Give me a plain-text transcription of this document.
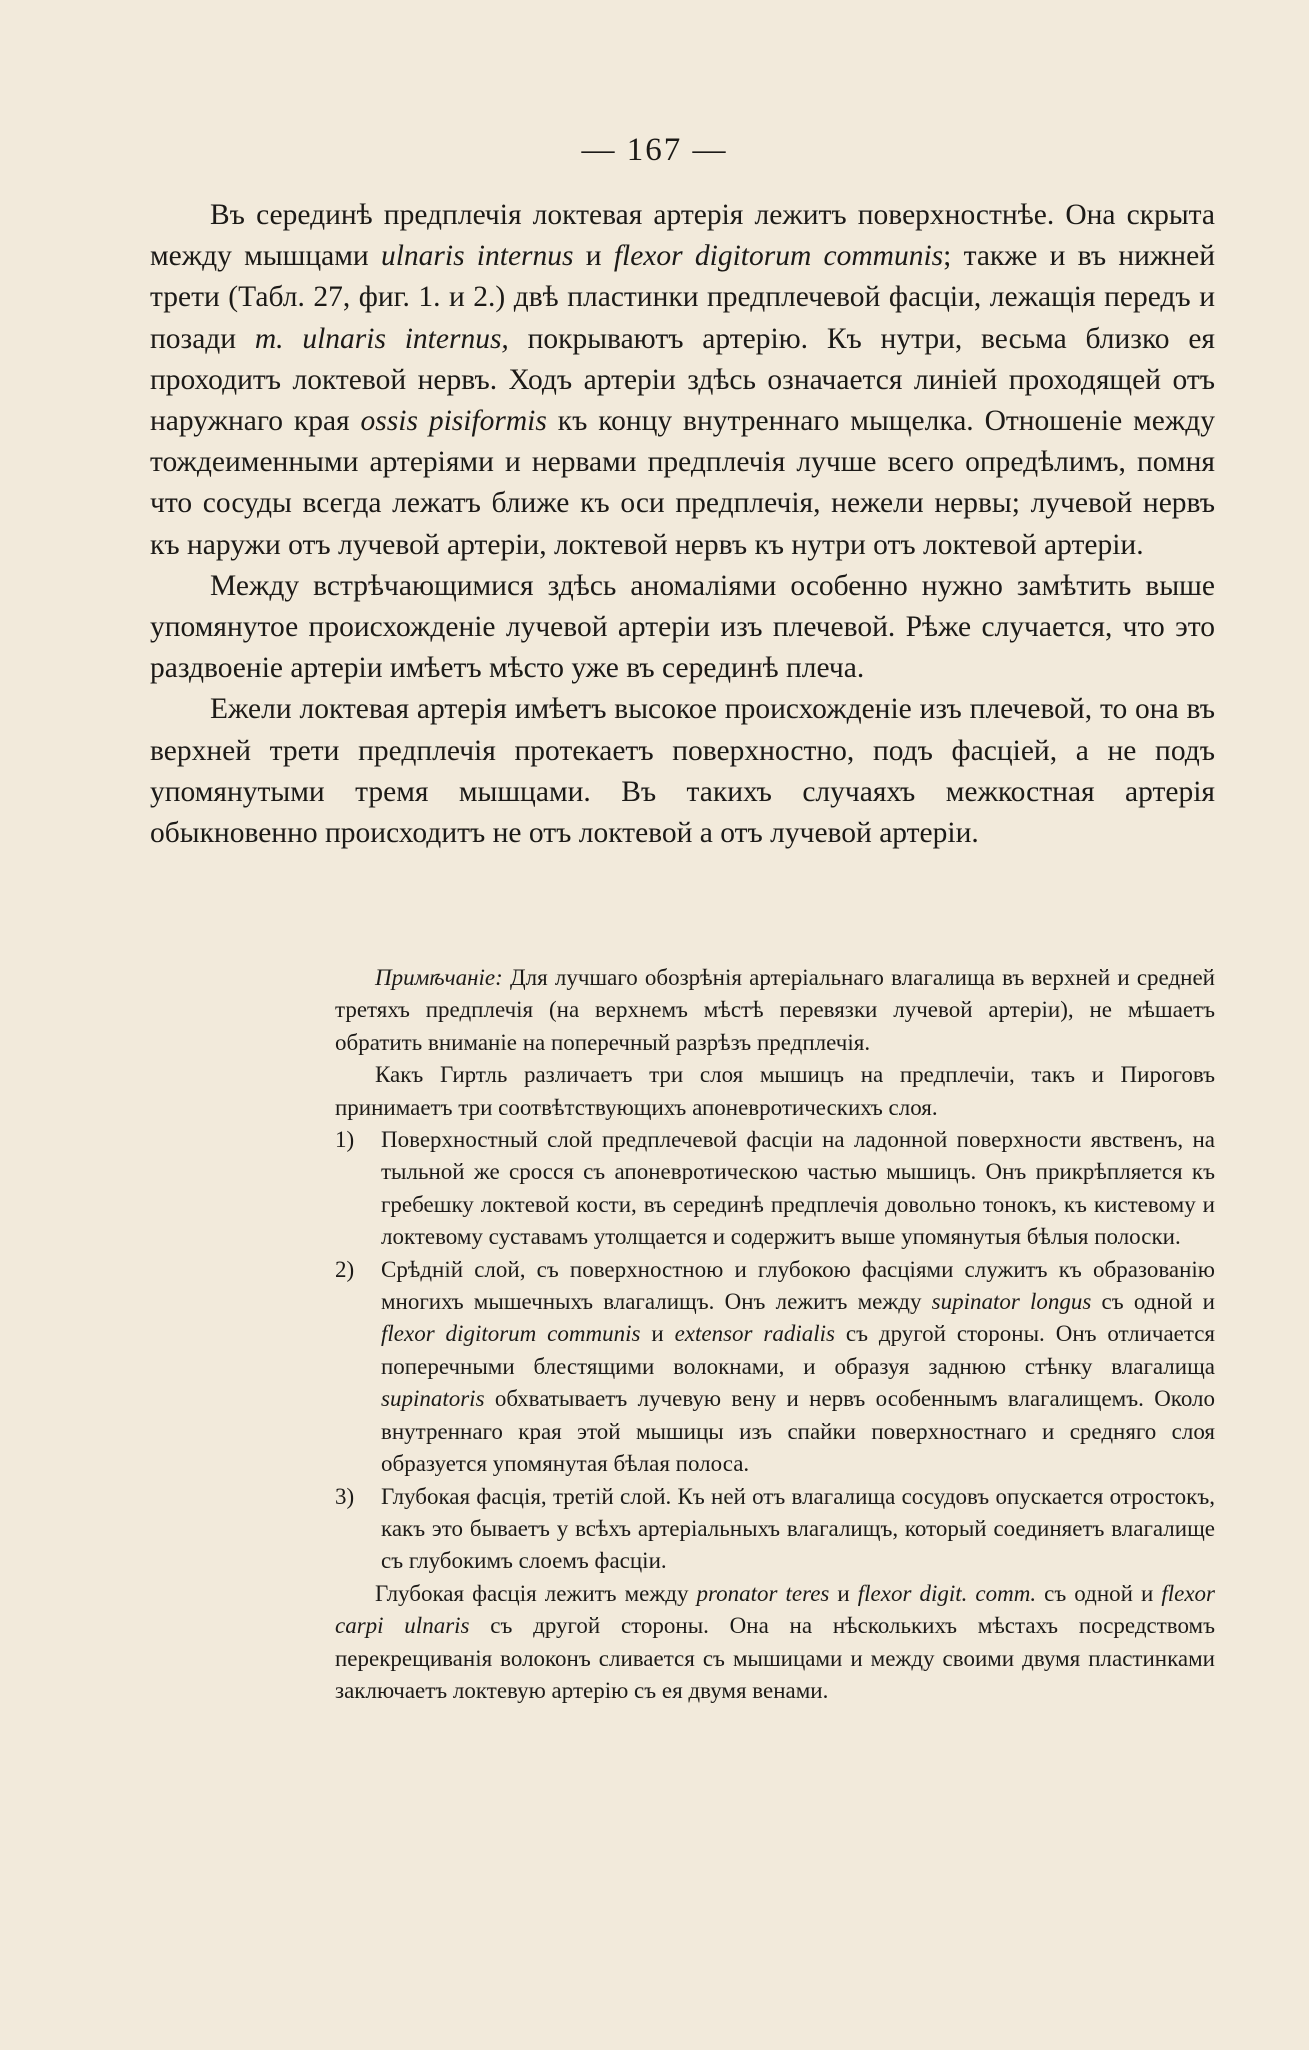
— 167 —

Въ серединѣ предплечія локтевая артерія лежитъ поверхностнѣе. Она скрыта между мышцами ulnaris internus и flexor digitorum communis; также и въ нижней трети (Табл. 27, фиг. 1. и 2.) двѣ пластинки предплечевой фасціи, лежащія передъ и позади m. ulnaris internus, покрываютъ артерію. Къ нутри, весьма близко ея проходитъ локтевой нервъ. Ходъ артеріи здѣсь означается линіей проходящей отъ наружнаго края ossis pisiformis къ концу внутреннаго мыщелка. Отношеніе между тождеименными артеріями и нервами предплечія лучше всего опредѣлимъ, помня что сосуды всегда лежатъ ближе къ оси предплечія, нежели нервы; лучевой нервъ къ наружи отъ лучевой артеріи, локтевой нервъ къ нутри отъ локтевой артеріи.

Между встрѣчающимися здѣсь аномаліями особенно нужно замѣтить выше упомянутое происхожденіе лучевой артеріи изъ плечевой. Рѣже случается, что это раздвоеніе артеріи имѣетъ мѣсто уже въ серединѣ плеча.

Ежели локтевая артерія имѣетъ высокое происхожденіе изъ плечевой, то она въ верхней трети предплечія протекаетъ поверхностно, подъ фасціей, а не подъ упомянутыми тремя мышцами. Въ такихъ случаяхъ межкостная артерія обыкновенно происходитъ не отъ локтевой а отъ лучевой артеріи.

Примѣчаніе: Для лучшаго обозрѣнія артеріальнаго влагалища въ верхней и средней третяхъ предплечія (на верхнемъ мѣстѣ перевязки лучевой артеріи), не мѣшаетъ обратить вниманіе на поперечный разрѣзъ предплечія.

Какъ Гиртль различаетъ три слоя мышицъ на предплечіи, такъ и Пироговъ принимаетъ три соотвѣтствующихъ апоневротическихъ слоя.

1)	Поверхностный слой предплечевой фасціи на ладонной поверхности явственъ, на тыльной же сросся съ апоневротическою частью мышицъ. Онъ прикрѣпляется къ гребешку локтевой кости, въ серединѣ предплечія довольно тонокъ, къ кистевому и локтевому суставамъ утолщается и содержитъ выше упомянутыя бѣлыя полоски.
2)	Срѣдній слой, съ поверхностною и глубокою фасціями служитъ къ образованію многихъ мышечныхъ влагалищъ. Онъ лежитъ между supinator longus съ одной и flexor digitorum communis и extensor radialis съ другой стороны. Онъ отличается поперечными блестящими волокнами, и образуя заднюю стѣнку влагалища supinatoris обхватываетъ лучевую вену и нервъ особеннымъ влагалищемъ. Около внутреннаго края этой мышицы изъ спайки поверхностнаго и средняго слоя образуется упомянутая бѣлая полоса.
3)	Глубокая фасція, третій слой. Къ ней отъ влагалища сосудовъ опускается отростокъ, какъ это бываетъ у всѣхъ артеріальныхъ влагалищъ, который соединяетъ влагалище съ глубокимъ слоемъ фасціи.

Глубокая фасція лежитъ между pronator teres и flexor digit. comm. съ одной и flexor carpi ulnaris съ другой стороны. Она на нѣсколькихъ мѣстахъ посредствомъ перекрещиванія волоконъ сливается съ мышицами и между своими двумя пластинками заключаетъ локтевую артерію съ ея двумя венами.
